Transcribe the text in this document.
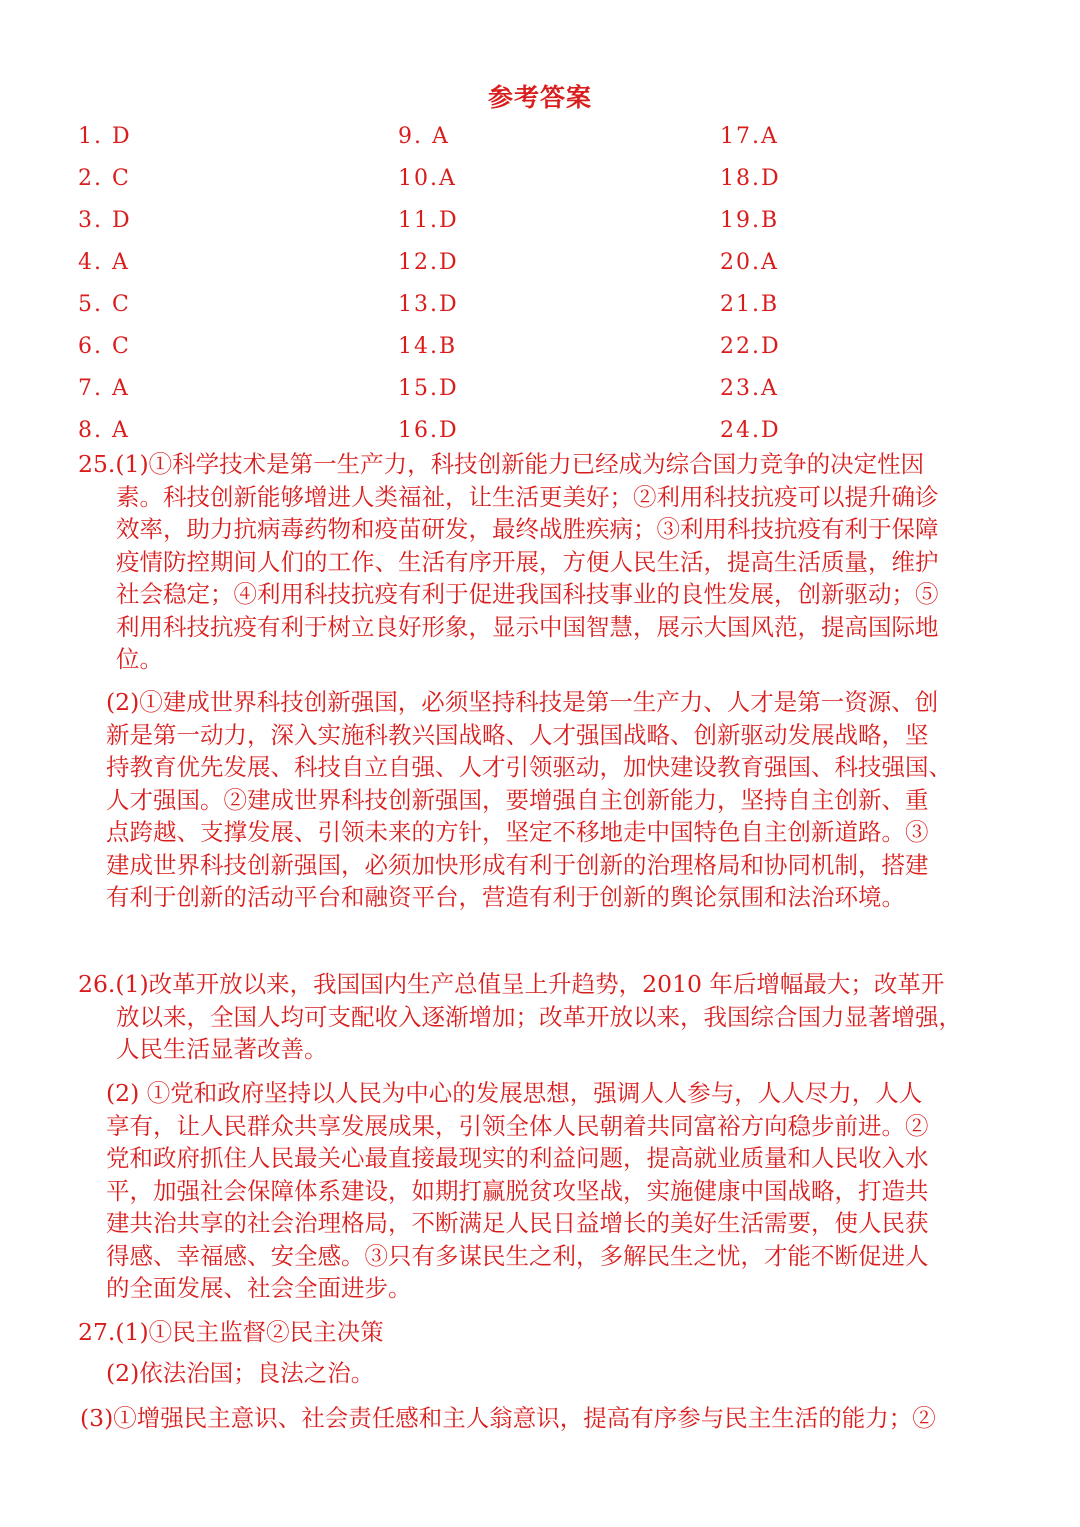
参考答案
1. D
2. C
3. D
4. A
5. C
6. C
7. A
8. A
9. A
10.A
11.D
12.D
13.D
14.B
15.D
16.D
17.A
18.D
19.B
20.A
21.B
22.D
23.A
24.D
25.(1)①科学技术是第一生产力，科技创新能力已经成为综合国力竞争的决定性因
素。科技创新能够增进人类福祉，让生活更美好；②利用科技抗疫可以提升确诊
效率，助力抗病毒药物和疫苗研发，最终战胜疾病；③利用科技抗疫有利于保障
疫情防控期间人们的工作、生活有序开展，方便人民生活，提高生活质量，维护
社会稳定；④利用科技抗疫有利于促进我国科技事业的良性发展，创新驱动；⑤
利用科技抗疫有利于树立良好形象，显示中国智慧，展示大国风范，提高国际地
位。
(2)①建成世界科技创新强国，必须坚持科技是第一生产力、人才是第一资源、创
新是第一动力，深入实施科教兴国战略、人才强国战略、创新驱动发展战略，坚
持教育优先发展、科技自立自强、人才引领驱动，加快建设教育强国、科技强国、
人才强国。②建成世界科技创新强国，要增强自主创新能力，坚持自主创新、重
点跨越、支撑发展、引领未来的方针，坚定不移地走中国特色自主创新道路。③
建成世界科技创新强国，必须加快形成有利于创新的治理格局和协同机制，搭建
有利于创新的活动平台和融资平台，营造有利于创新的舆论氛围和法治环境。
26.(1)改革开放以来，我国国内生产总值呈上升趋势，2010 年后增幅最大；改革开
放以来，全国人均可支配收入逐渐增加；改革开放以来，我国综合国力显著增强，
人民生活显著改善。
(2) ①党和政府坚持以人民为中心的发展思想，强调人人参与，人人尽力，人人
享有，让人民群众共享发展成果，引领全体人民朝着共同富裕方向稳步前进。②
党和政府抓住人民最关心最直接最现实的利益问题，提高就业质量和人民收入水
平，加强社会保障体系建设，如期打赢脱贫攻坚战，实施健康中国战略，打造共
建共治共享的社会治理格局，不断满足人民日益增长的美好生活需要，使人民获
得感、幸福感、安全感。③只有多谋民生之利，多解民生之忧，才能不断促进人
的全面发展、社会全面进步。
27.(1)①民主监督②民主决策
(2)依法治国；良法之治。
(3)①增强民主意识、社会责任感和主人翁意识，提高有序参与民主生活的能力；②
